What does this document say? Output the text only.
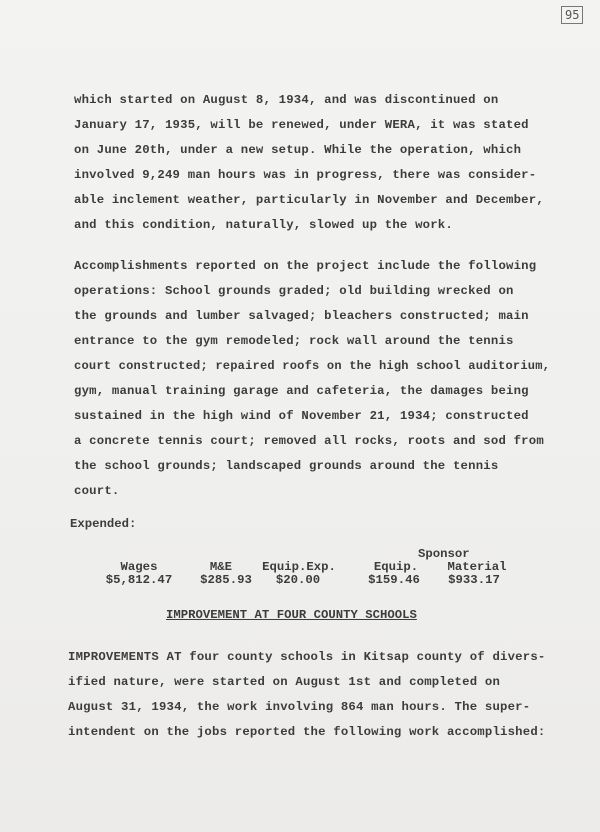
95
which started on August 8, 1934, and was discontinued on
January 17, 1935, will be renewed, under WERA, it was stated
on June 20th, under a new setup. While the operation, which
involved 9,249 man hours was in progress, there was consider-
able inclement weather, particularly in November and December,
and this condition, naturally, slowed up the work.
Accomplishments reported on the project include the following
operations: School grounds graded; old building wrecked on
the grounds and lumber salvaged; bleachers constructed; main
entrance to the gym remodeled; rock wall around the tennis
court constructed; repaired roofs on the high school auditorium,
gym, manual training garage and cafeteria, the damages being
sustained in the high wind of November 21, 1934; constructed
a concrete tennis court; removed all rocks, roots and sod from
the school grounds; landscaped grounds around the tennis
court.
Expended:
Sponsor
Wages
$5,812.47
M&E
$285.93
Equip.Exp.
$20.00
Equip.
$159.46
Material
$933.17
IMPROVEMENT AT FOUR COUNTY SCHOOLS
IMPROVEMENTS AT four county schools in Kitsap county of divers-
ified nature, were started on August 1st and completed on
August 31, 1934, the work involving 864 man hours. The super-
intendent on the jobs reported the following work accomplished:
